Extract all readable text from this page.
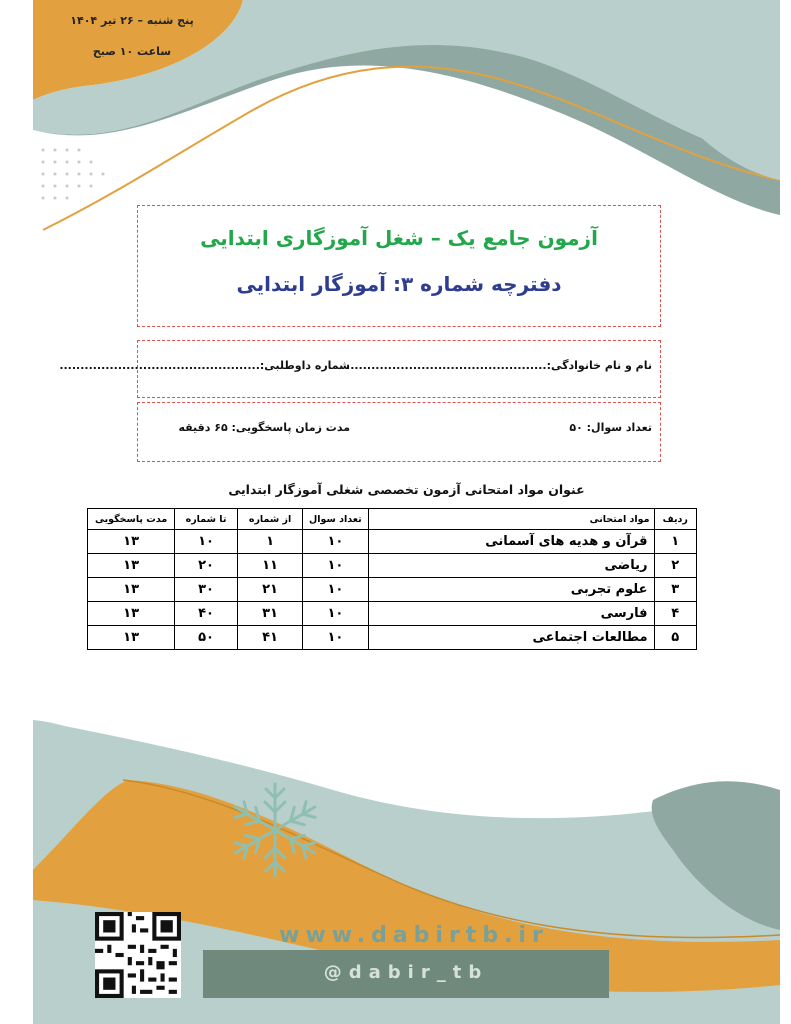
پنج شنبه – ۲۶ تیر ۱۴۰۴
ساعت ۱۰ صبح
آزمون جامع یک – شغل آموزگاری ابتدایی
دفترچه شماره ۳: آموزگار ابتدایی
نام و نام خانوادگی:................................................
شماره داوطلبی:................................................
تعداد سوال: ۵۰
مدت زمان پاسخگویی: ۶۵ دقیقه
عنوان مواد امتحانی آزمون تخصصی شغلی آموزگار ابتدایی
ردیف	مواد امتحانی	تعداد سوال	از شماره	تا شماره	مدت پاسخگویی
۱	قرآن و هدیه های آسمانی	۱۰	۱	۱۰	۱۳
۲	ریاضی	۱۰	۱۱	۲۰	۱۳
۳	علوم تجربی	۱۰	۲۱	۳۰	۱۳
۴	فارسی	۱۰	۳۱	۴۰	۱۳
۵	مطالعات اجتماعی	۱۰	۴۱	۵۰	۱۳
www.dabirtb.ir
@dabir_tb
